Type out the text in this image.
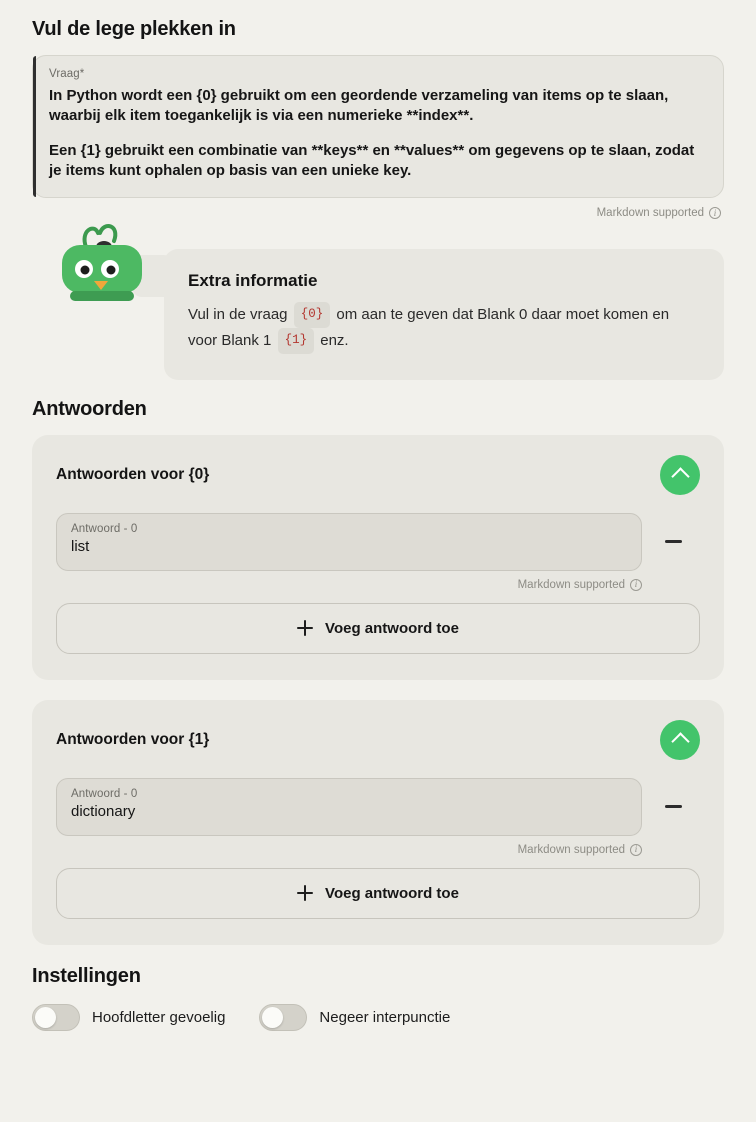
Vul de lege plekken in
Vraag*

In Python wordt een {0} gebruikt om een geordende verzameling van items op te slaan, waarbij elk item toegankelijk is via een numerieke **index**.

Een {1} gebruikt een combinatie van **keys** en **values** om gegevens op te slaan, zodat je items kunt ophalen op basis van een unieke key.

Markdown supported	i
Extra informatie
Vul in de vraag {0} om aan te geven dat Blank 0 daar moet komen en voor Blank 1 {1} enz.
Antwoorden
Antwoorden voor {0}
Antwoord - 0
list
Markdown supported	i
Voeg antwoord toe
Antwoorden voor {1}
Antwoord - 0
dictionary
Markdown supported	i
Voeg antwoord toe
Instellingen
Hoofdletter gevoelig	Negeer interpunctie
